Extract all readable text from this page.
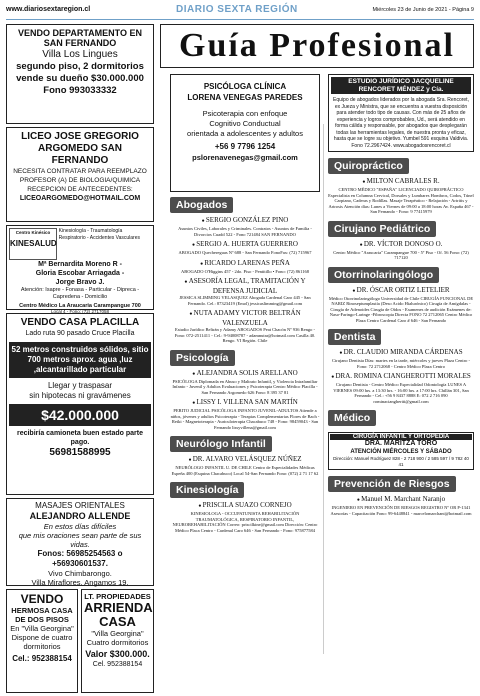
www.diariosextaregion.cl	DIARIO SEXTA REGIÓN	Miércoles 23 de Junio de 2021 - Página 9
VENDO DEPARTAMENTO EN SAN FERNANDO
Villa Los Lingues
segundo piso, 2 dormitorios
vende su dueño $30.000.000
Fono 993033332
LICEO JOSE GREGORIO ARGOMEDO SAN FERNANDO
NECESITA CONTRATAR PARA REEMPLAZO
PROFESOR (A) DE BIOLOGIA/QUIMICA
RECEPCION DE ANTECEDENTES:
LICEOARGOMEDO@HOTMAIL.COM
Centro Kinésico
KINESALUD
Kinesiología - Traumatología Respiratorio - Accidentes Vasculares
Mª Bernardita Moreno R -
Gloria Escobar Arriagada -
Jorge Bravo J.
Atención: Isapre - Fonasa - Particular - Dipreca - Capredena - Domicilio
Centro Médico La Araucaria Carampangue 700
Local 4 - Fono: (72) 2717058
VENDO CASA PLACILLA
Lado ruta 90 pasado Cruce Placilla
52 metros construidos sólidos, sitio 700 metros aprox. agua ,luz ,alcantarillado particular
Llegar y traspasar
sin hipotecas ni gravámenes
$42.000.000
recibiría camioneta buen estado parte pago.
56981588995
MASAJES ORIENTALES
ALEJANDRO ALLENDE
En estos días difíciles
que mis oraciones sean parte de sus vidas.
Fonos: 56985254563 o +56930601537.
Vivo Chimbarongo.
Villa Miraflores. Angamos 19.
VENDO
HERMOSA CASA
DE DOS PISOS
En "Villa Georgina"
Dispone de cuatro
dormitorios
Cel.: 952388154
LT. PROPIEDADES
ARRIENDA
CASA
"Villa Georgina"
Cuatro dormitorios
Valor $300.000.
Cel. 952388154
Guía Profesional
PSICÓLOGA CLÍNICA
LORENA VENEGAS PAREDES
Psicoterapia con enfoque
Cognitivo Conductual
orientada a adolescentes y adultos
+56 9 7796 1254
pslorenavenegas@gmail.com
Abogados
● SERGIO GONZÁLEZ PINO
Asuntos Civiles, Laborales y Criminales. Contratos - Asuntos de Familia - Divorcios Cuadd 522 - Fono 721484 SAN FERNANDO
● SERGIO A. HUERTA GUERRERO
ABOGADO Quechereguas Nº 688 - San Fernando FonoFax: (72) 715967
● RICARDO LARENAS PEÑA
ABOGADO O'Higgins 457 - 2do. Piso - Pentitillo • Fono: (72) 861168
● ASESORÍA LEGAL, TRAMITACIÓN Y DEFENSA JUDICIAL
JESSICA SLIMMING VELASQUEZ Abogada Cardenal Caro 445 - San Fernando. Cel.: 87323419 (Emol) jessicaslimming@gmail.com
● NUTA ADAMY VICTOR BELTRÁN VALENZUELA
Estudio Jurídico Beltrán y Adamy ABOGADOS Peat Chacón Nº 936 Rengo - Fono: 072-2511411 - Cel.: 9-94008787 - adamnutra@hotmail.com Casilla 40. Rengo. VI Región. Chile
Psicología
● ALEJANDRA SOLIS ARELLANO
PSICÓLOGA Diplomada en Abuso y Maltrato Infantil, y Violencia Intrafamiliar Infanto - Juvenil y Adultos Evaluaciones y Psicoterapia Centro Médico Placilla - San Fernando Argomedo 626 Fono: 8 395 37 81
● LISSY I. VILLENA SAN MARTÍN
PERITO JUDICIAL PSICÓLOGA INFANTO JUVENIL-ADULTOS Atiende a niños, jóvenes y adultos Psicoterapia - Terapias Complementarias Flores de Bach - Reiki - Magnetoterapia - Auriculoterapia Chacabuco 748 - Fono: 98459043 - San Fernando lissyvillena@gmail.com
Neurólogo Infantil
● DR. ALVARO VELÁSQUEZ NÚÑEZ
NEURÓLOGO INFANTIL U. DE CHILE Centro de Especialidades Médicas Espeña 400 (Esquina Chacabuco) Local 54-San Fernando Fono: (072) 2 71 17 62
Kinesiología
● PRISCILA SUAZO CORNEJO
KINESIOLOGA - OCCUPATUNISTA REHABILITACIÓN TRAUMATOLÓGICA, RESPIRATORIO INFANTIL, NEUROREHABILITACIÓN Correo: priscilkine@gmail.com Dirección: Centro Médico Placa Centro - Cardenal Caro 646 - San Fernando - Fono: 975877584
ESTUDIO JURÍDICO JACQUELINE RENCORET MÉNDEZ y Cía.
Equipo de abogados liderados por la abogada Sra. Rencoret, ex Jueza y Ministra, que se encuentra a vuestra disposición para atender todo tipo de causas. Con más de 25 años de experiencia y logros comprobables, Ud., será atendido en forma cálida y responsable, por abogados que desplegarán todas las herramientas legales, de nuestra pronta y eficaz, hasta que se logre su objetivo. Yumbel 591 esquina Valdivia. Fono 72.2967424. www.abogadosrencoret.cl
Quiropráctico
● MILTON CABRALES R.
CENTRO MÉDICO "ESPAÑA" LICENCIADO QUIROPRÁCTICO Especialista en Columna Cervical, Dorsales y Lumbares Hombros, Codos, Túnel Carpiano, Caderas y Rodillas. Masaje Terapéutico - Relajación - Artritis y Artrosis Atención días: Lunes a Viernes de 09:00 a 18:00 horas Av. España 467 - San Fernando - Fono: 9 77415979
Cirujano Pediátrico
● DR. VÍCTOR DONOSO O.
Centro Médico "Araucaria" Carampangue 700 - 5º Piso - Of. 56 Fono: (72) 717120
Otorrinolaringólogo
● DR. ÓSCAR ORTIZ LETELIER
Médico Otorrinolaringólogo Universidad de Chile CIRUGÍA FUNCIONAL DE NARIZ Rinoseptumplastía (Deso Acido Hialurónico) Cirugía de Amígdalas - Cirugía de Adenoides Cirugía de Oídos - Examenes de audición Exámenes de: Naso-Faringo-Laringe -Fibroscopia Directa FONO 72 2712065 Centro Médico Plaza Centro Cardenal Caro # 646 - San Fernando
Dentista
● DR. CLAUDIO MIRANDA CÁRDENAS
Cirujano Dentista Días: martes en la tarde, miércoles y jueves Plaza Centro - Fono: 72 2712068 - Centro Médico Plaza Centro
● DRA. ROMINA CIANGHEROTTI MORALES
Cirujano Dentista - Centro Médico Especialidad Odontología LUNES A VIERNES 09:00 hrs. a 13:30 hrs. - 16:00 hrs. a 17:00 hrs. Chillán 301, San Fernando - Cel.: +56 9 8437 8888 E: 072 2 716 090 rominacianghertti@gmail.com
Médico
CIRUGÍA INFANTIL Y ORTOPEDIA
DRA. MARITZA TORO
ATENCIÓN MIÉRCOLES Y SÁBADO
Dirección: Manuel Rodríguez 828 - 2 718 900 / 2 585 597 / 9 782 40 41
Prevención de Riesgos
● Manuel M. Marchant Naranjo
INGENIERO EN PREVENCIÓN DE RIESGOS REGISTRO Nº OR P-1341 Asesorías - Capacitación Fono: 99-6448841 - marcelomarchant@hotmail.com
